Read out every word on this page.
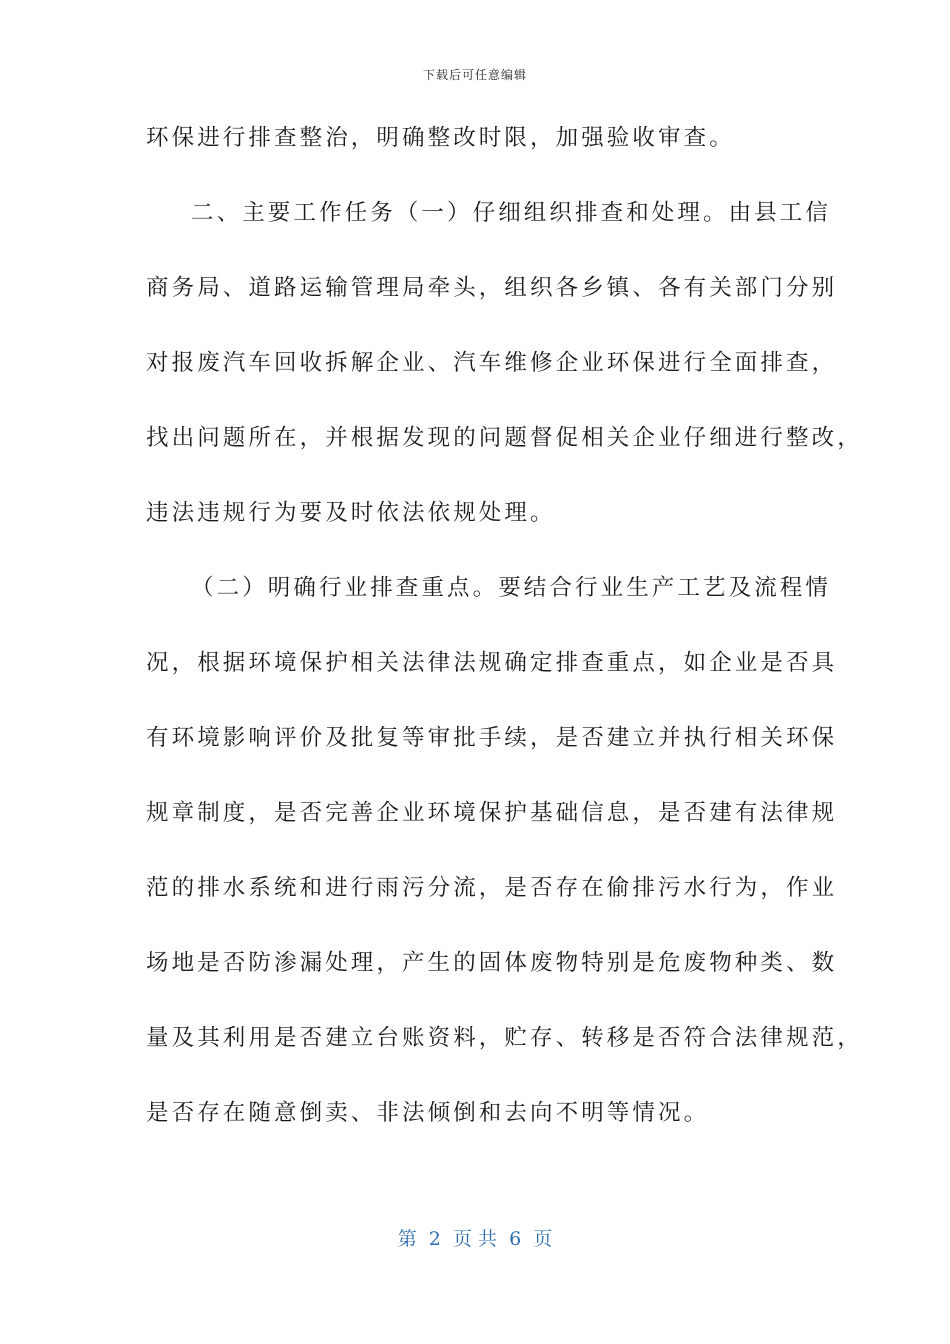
下载后可任意编辑
环保进行排查整治，明确整改时限，加强验收审查。
二、主要工作任务（一）仔细组织排查和处理。由县工信
商务局、道路运输管理局牵头，组织各乡镇、各有关部门分别
对报废汽车回收拆解企业、汽车维修企业环保进行全面排查，
找出问题所在，并根据发现的问题督促相关企业仔细进行整改，
违法违规行为要及时依法依规处理。
（二）明确行业排查重点。要结合行业生产工艺及流程情
况，根据环境保护相关法律法规确定排查重点，如企业是否具
有环境影响评价及批复等审批手续，是否建立并执行相关环保
规章制度，是否完善企业环境保护基础信息，是否建有法律规
范的排水系统和进行雨污分流，是否存在偷排污水行为，作业
场地是否防渗漏处理，产生的固体废物特别是危废物种类、数
量及其利用是否建立台账资料，贮存、转移是否符合法律规范，
是否存在随意倒卖、非法倾倒和去向不明等情况。
第  2  页 共  6  页
